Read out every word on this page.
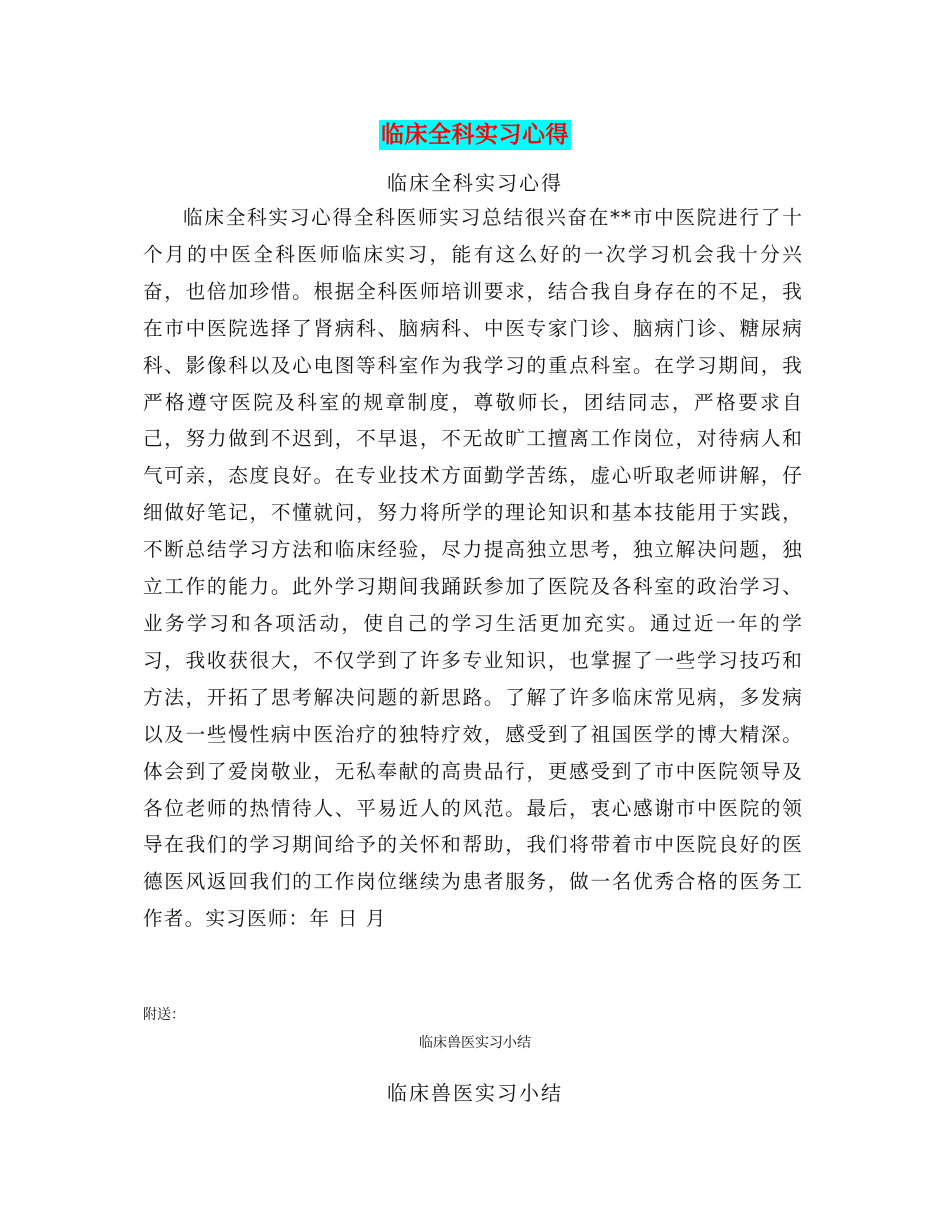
临床全科实习心得

临床全科实习心得

临床全科实习心得全科医师实习总结很兴奋在**市中医院进行了十个月的中医全科医师临床实习，能有这么好的一次学习机会我十分兴奋，也倍加珍惜。根据全科医师培训要求，结合我自身存在的不足，我在市中医院选择了肾病科、脑病科、中医专家门诊、脑病门诊、糖尿病科、影像科以及心电图等科室作为我学习的重点科室。在学习期间，我严格遵守医院及科室的规章制度，尊敬师长，团结同志，严格要求自己，努力做到不迟到，不早退，不无故旷工擅离工作岗位，对待病人和气可亲，态度良好。在专业技术方面勤学苦练，虚心听取老师讲解，仔细做好笔记，不懂就问，努力将所学的理论知识和基本技能用于实践，不断总结学习方法和临床经验，尽力提高独立思考，独立解决问题，独立工作的能力。此外学习期间我踊跃参加了医院及各科室的政治学习、业务学习和各项活动，使自己的学习生活更加充实。通过近一年的学习，我收获很大，不仅学到了许多专业知识，也掌握了一些学习技巧和方法，开拓了思考解决问题的新思路。了解了许多临床常见病，多发病以及一些慢性病中医治疗的独特疗效，感受到了祖国医学的博大精深。体会到了爱岗敬业，无私奉献的高贵品行，更感受到了市中医院领导及各位老师的热情待人、平易近人的风范。最后，衷心感谢市中医院的领导在我们的学习期间给予的关怀和帮助，我们将带着市中医院良好的医德医风返回我们的工作岗位继续为患者服务，做一名优秀合格的医务工作者。实习医师：年 日 月

附送：

临床兽医实习小结

临床兽医实习小结
